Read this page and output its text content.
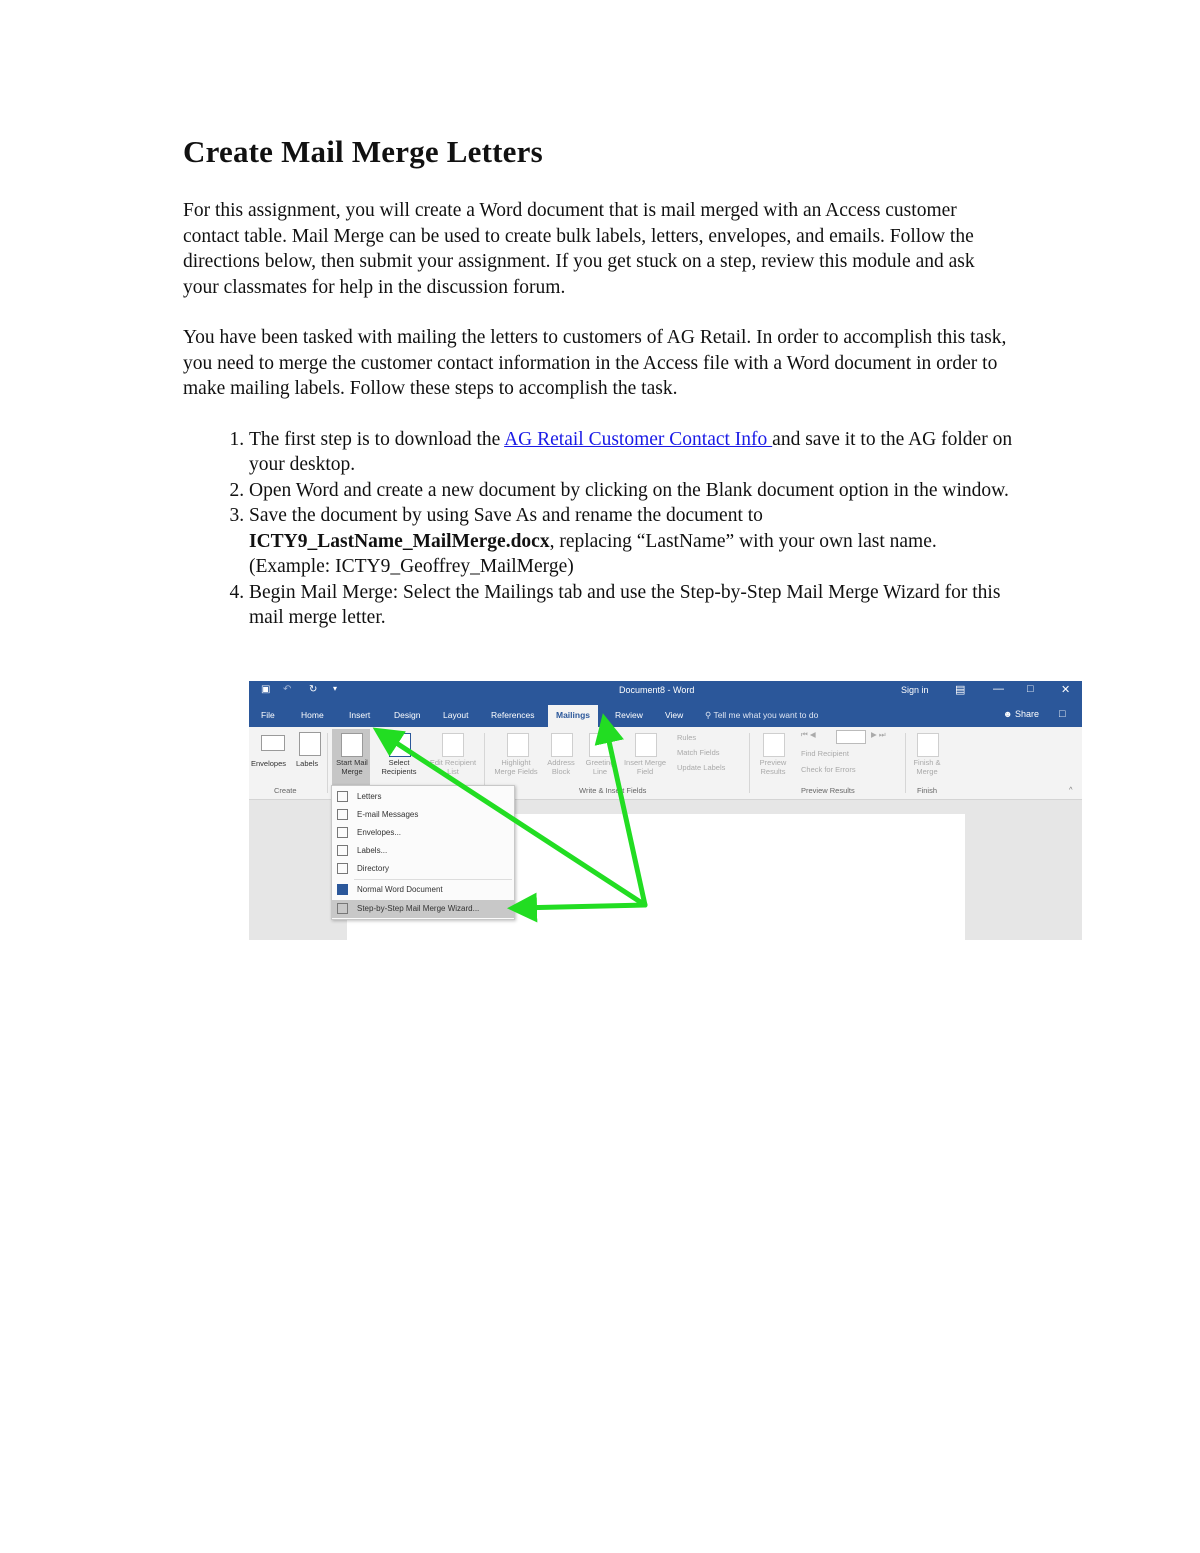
Create Mail Merge Letters

For this assignment, you will create a Word document that is mail merged with an Access customer contact table. Mail Merge can be used to create bulk labels, letters, envelopes, and emails. Follow the directions below, then submit your assignment. If you get stuck on a step, review this module and ask your classmates for help in the discussion forum.

You have been tasked with mailing the letters to customers of AG Retail. In order to accomplish this task, you need to merge the customer contact information in the Access file with a Word document in order to make mailing labels. Follow these steps to accomplish the task.

1. The first step is to download the AG Retail Customer Contact Info and save it to the AG folder on your desktop.
2. Open Word and create a new document by clicking on the Blank document option in the window.
3. Save the document by using Save As and rename the document to ICTY9_LastName_MailMerge.docx, replacing “LastName” with your own last name. (Example: ICTY9_Geoffrey_MailMerge)
4. Begin Mail Merge: Select the Mailings tab and use the Step-by-Step Mail Merge Wizard for this mail merge letter.
▣ ↶ ↻ ▾	Document8 - Word	Sign in ▤	— □ ✕
File	Home	Insert	Design	Layout	References	Mailings	Review	View	⚲ Tell me what you want to do	☻ Share □
Envelopes Labels
Create
Start Mail Merge
Select Recipients
Edit Recipient List
Highlight Merge Fields
Address Block
Greeting Line
Insert Merge Field
Rules
Match Fields
Update Labels
Write & Insert Fields
Preview Results
⏮ ◀	▶ ⏭
Find Recipient
Check for Errors
Preview Results
Finish & Merge
Finish	^
Letters
E-mail Messages
Envelopes...
Labels...
Directory
Normal Word Document
Step-by-Step Mail Merge Wizard...
